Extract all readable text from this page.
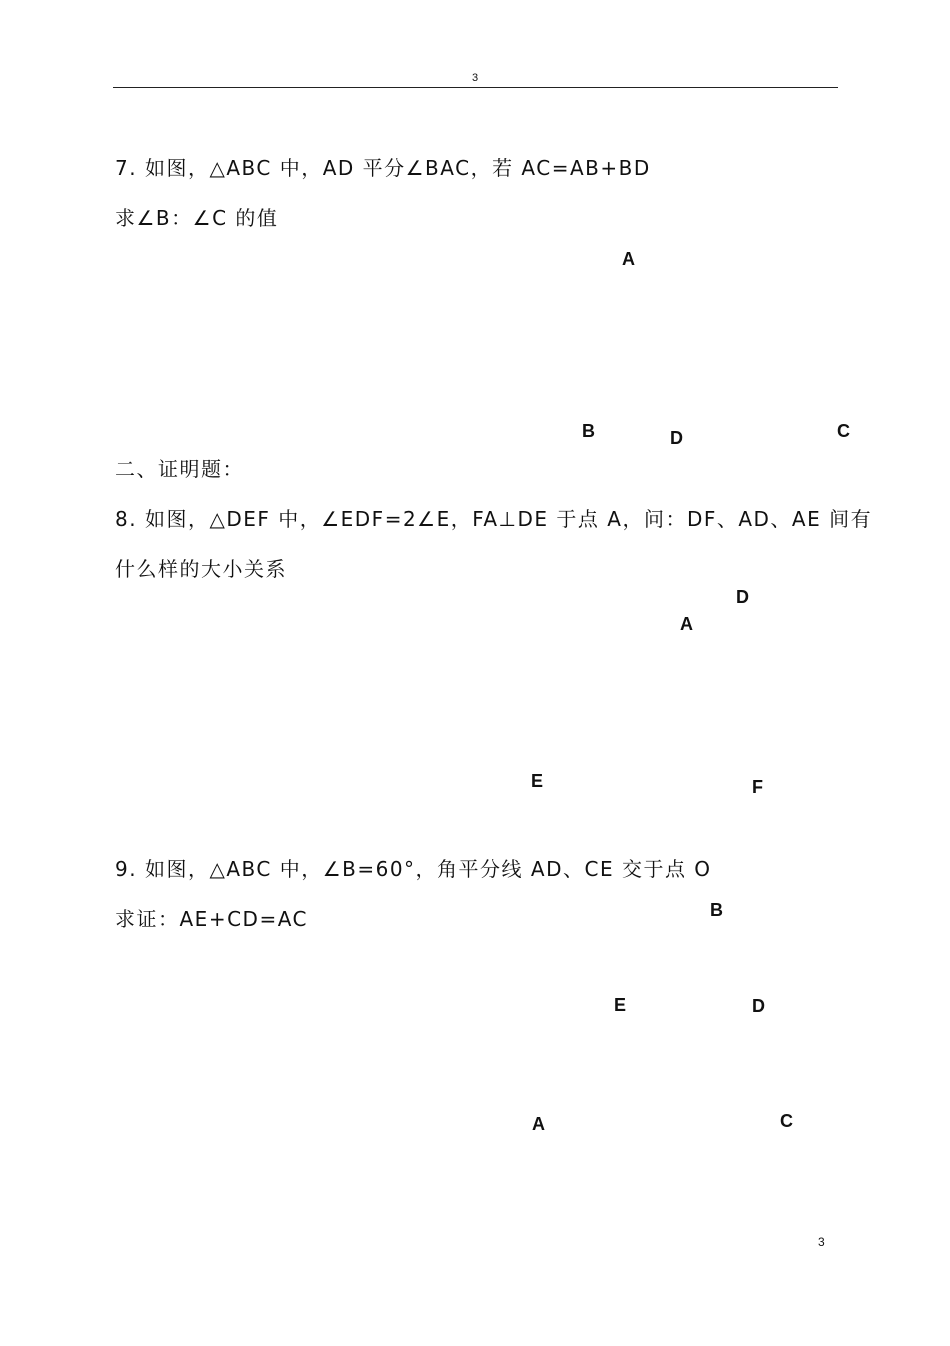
3
7. 如图，△ABC 中，AD 平分∠BAC，若 AC=AB+BD
求∠B：∠C 的值
A
B	D	C
二、证明题：
8. 如图，△DEF 中，∠EDF=2∠E，FA⊥DE 于点 A，问：DF、AD、AE 间有
什么样的大小关系
D
A
E	F
9. 如图，△ABC 中，∠B=60°，角平分线 AD、CE 交于点 O
求证：AE+CD=AC	B
E	D
A	C
3
